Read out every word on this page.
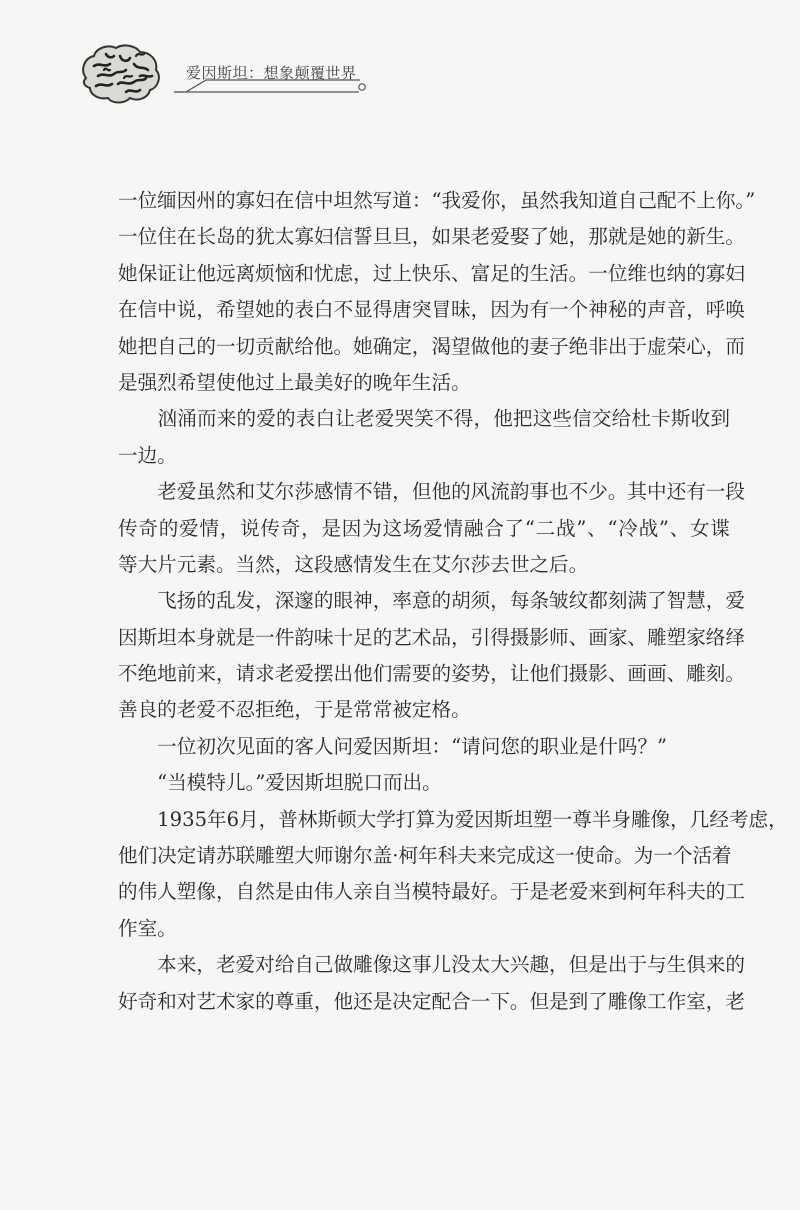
爱因斯坦：想象颠覆世界
一位缅因州的寡妇在信中坦然写道：“我爱你，虽然我知道自己配不上你。”
一位住在长岛的犹太寡妇信誓旦旦，如果老爱娶了她，那就是她的新生。
她保证让他远离烦恼和忧虑，过上快乐、富足的生活。一位维也纳的寡妇
在信中说，希望她的表白不显得唐突冒昧，因为有一个神秘的声音，呼唤
她把自己的一切贡献给他。她确定，渴望做他的妻子绝非出于虚荣心，而
是强烈希望使他过上最美好的晚年生活。
　　汹涌而来的爱的表白让老爱哭笑不得，他把这些信交给杜卡斯收到
一边。
　　老爱虽然和艾尔莎感情不错，但他的风流韵事也不少。其中还有一段
传奇的爱情，说传奇，是因为这场爱情融合了“二战”、“冷战”、女谍
等大片元素。当然，这段感情发生在艾尔莎去世之后。
　　飞扬的乱发，深邃的眼神，率意的胡须，每条皱纹都刻满了智慧，爱
因斯坦本身就是一件韵味十足的艺术品，引得摄影师、画家、雕塑家络绎
不绝地前来，请求老爱摆出他们需要的姿势，让他们摄影、画画、雕刻。
善良的老爱不忍拒绝，于是常常被定格。
　　一位初次见面的客人问爱因斯坦：“请问您的职业是什吗？”
　　“当模特儿。”爱因斯坦脱口而出。
　　1935年6月，普林斯顿大学打算为爱因斯坦塑一尊半身雕像，几经考虑，
他们决定请苏联雕塑大师谢尔盖·柯年科夫来完成这一使命。为一个活着
的伟人塑像，自然是由伟人亲自当模特最好。于是老爱来到柯年科夫的工
作室。
　　本来，老爱对给自己做雕像这事儿没太大兴趣，但是出于与生俱来的
好奇和对艺术家的尊重，他还是决定配合一下。但是到了雕像工作室，老
